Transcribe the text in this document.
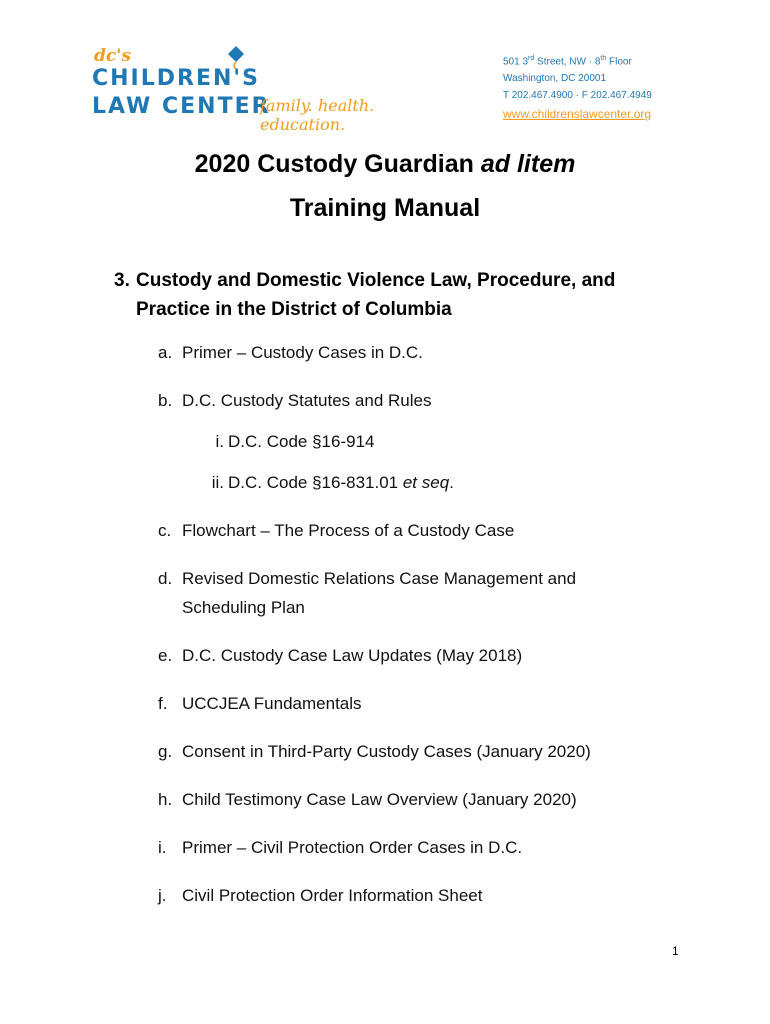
dc's
CHILDREN'S
LAW CENTER
family. health. education.
501 3rd Street, NW · 8th Floor
Washington, DC 20001
T 202.467.4900 · F 202.467.4949
www.childrenslawcenter.org
2020 Custody Guardian ad litem
Training Manual
3. Custody and Domestic Violence Law, Procedure, and
Practice in the District of Columbia
a. Primer – Custody Cases in D.C.
b. D.C. Custody Statutes and Rules
i. D.C. Code §16-914
ii. D.C. Code §16-831.01 et seq.
c. Flowchart – The Process of a Custody Case
d. Revised Domestic Relations Case Management and
Scheduling Plan
e. D.C. Custody Case Law Updates (May 2018)
f. UCCJEA Fundamentals
g. Consent in Third-Party Custody Cases (January 2020)
h. Child Testimony Case Law Overview (January 2020)
i. Primer – Civil Protection Order Cases in D.C.
j. Civil Protection Order Information Sheet
1
